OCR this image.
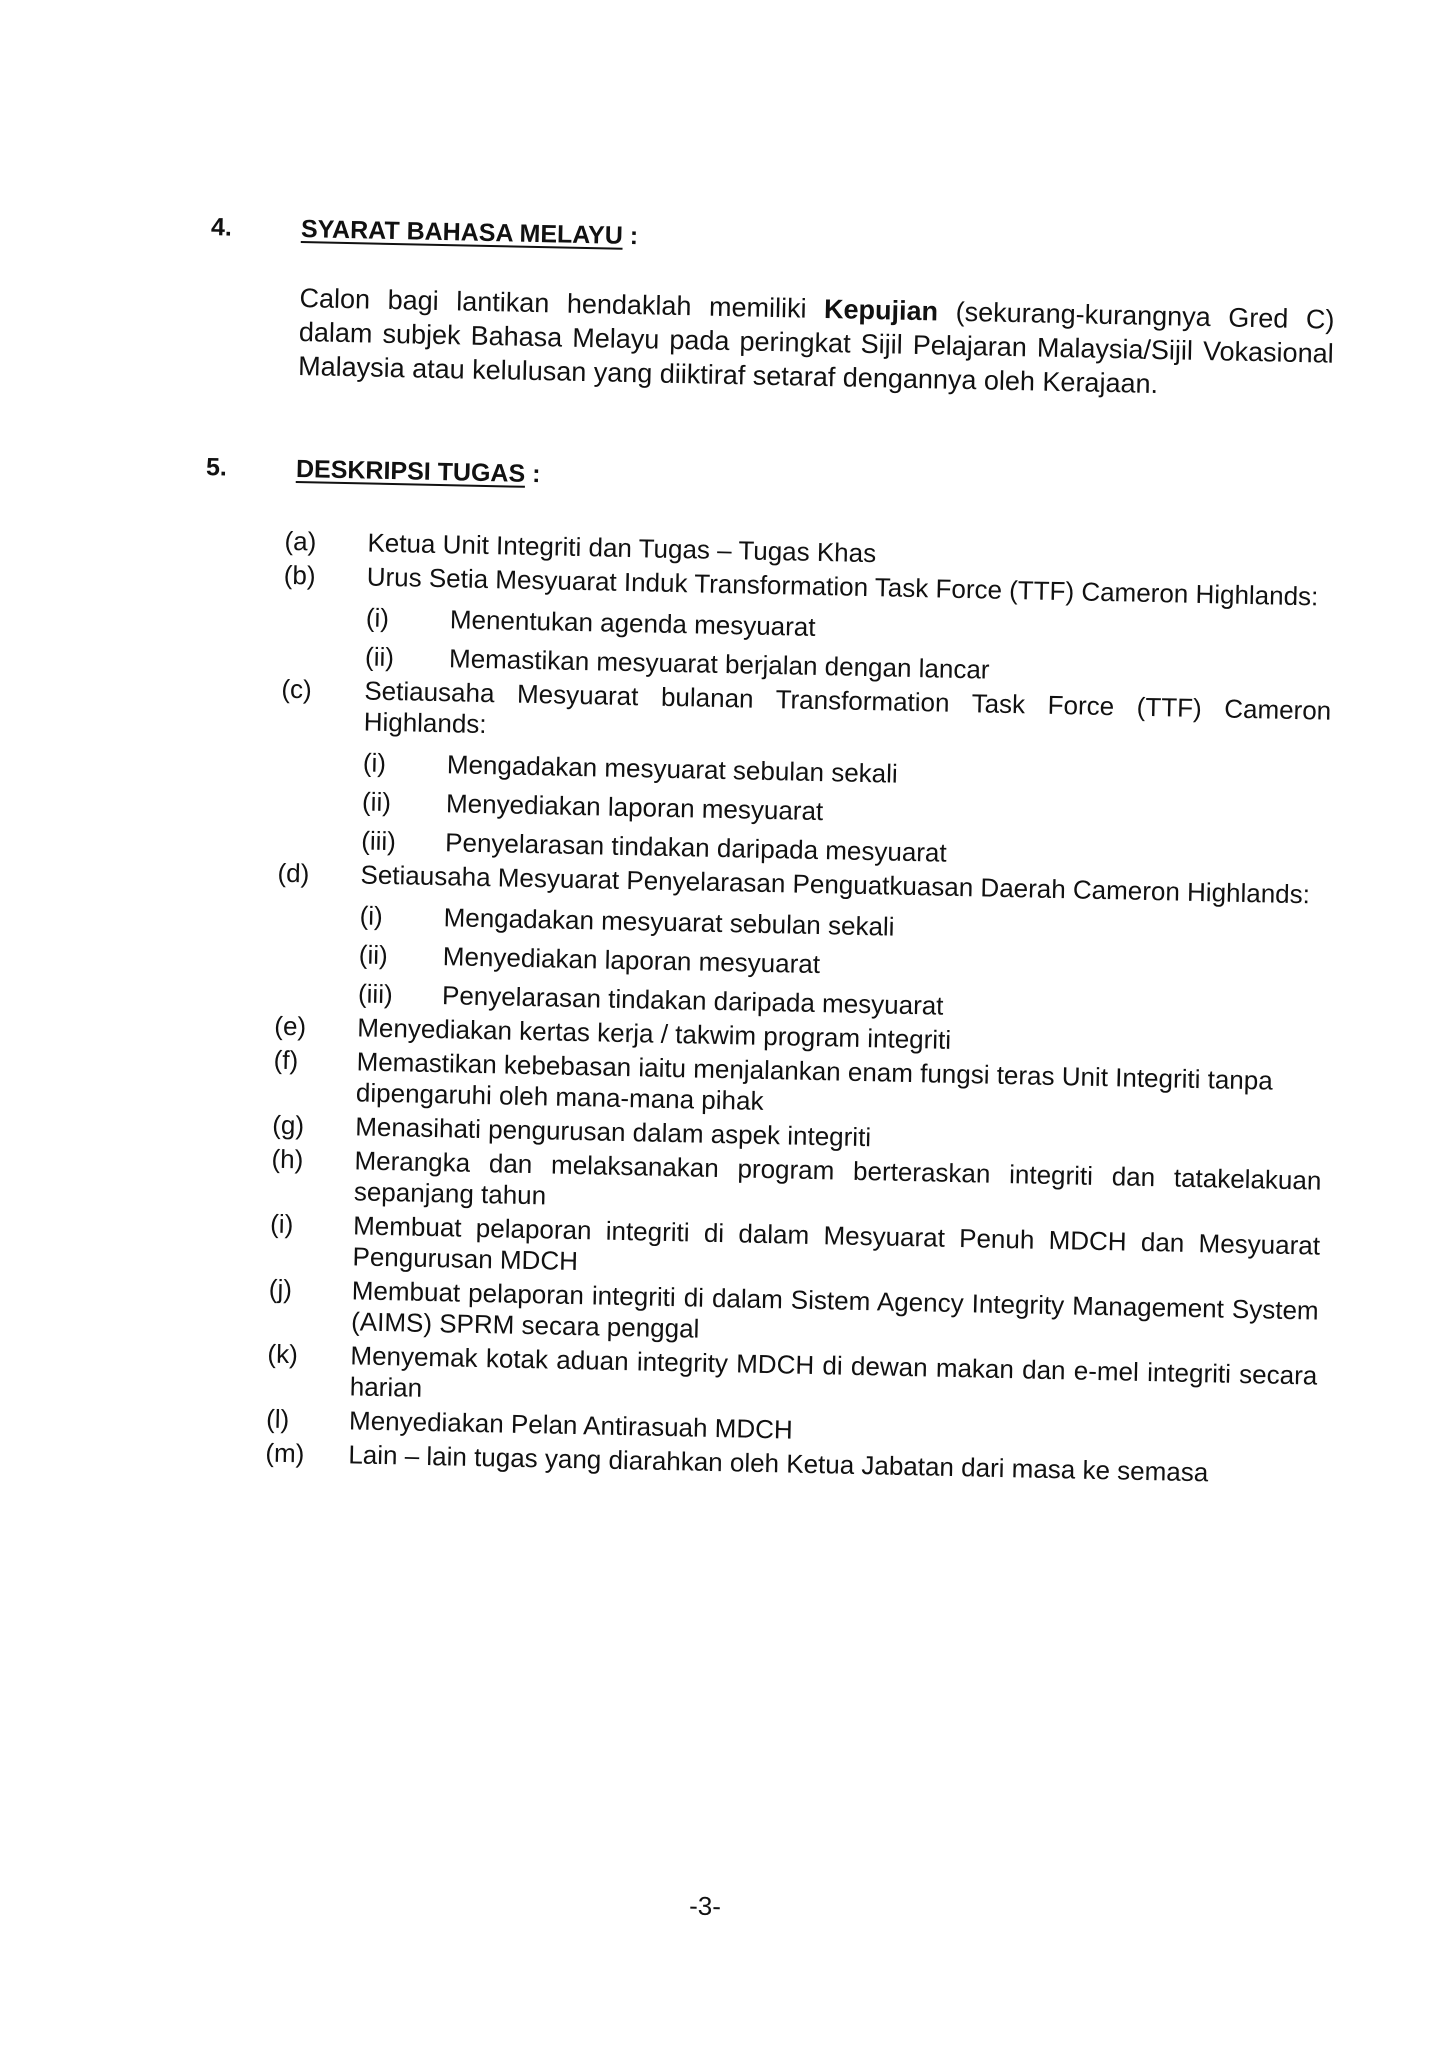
4.	SYARAT BAHASA MELAYU :

Calon bagi lantikan hendaklah memiliki Kepujian (sekurang-kurangnya Gred C) dalam subjek Bahasa Melayu pada peringkat Sijil Pelajaran Malaysia/Sijil Vokasional Malaysia atau kelulusan yang diiktiraf setaraf dengannya oleh Kerajaan.

5.	DESKRIPSI TUGAS :
(a)	Ketua Unit Integriti dan Tugas – Tugas Khas
(b)	Urus Setia Mesyuarat Induk Transformation Task Force (TTF) Cameron Highlands:
(i)	Menentukan agenda mesyuarat
(ii)	Memastikan mesyuarat berjalan dengan lancar
(c)	Setiausaha Mesyuarat bulanan Transformation Task Force (TTF) Cameron Highlands:
(i)	Mengadakan mesyuarat sebulan sekali
(ii)	Menyediakan laporan mesyuarat
(iii)	Penyelarasan tindakan daripada mesyuarat
(d)	Setiausaha Mesyuarat Penyelarasan Penguatkuasan Daerah Cameron Highlands:
(i)	Mengadakan mesyuarat sebulan sekali
(ii)	Menyediakan laporan mesyuarat
(iii)	Penyelarasan tindakan daripada mesyuarat
(e)	Menyediakan kertas kerja / takwim program integriti
(f)	Memastikan kebebasan iaitu menjalankan enam fungsi teras Unit Integriti tanpa dipengaruhi oleh mana-mana pihak
(g)	Menasihati pengurusan dalam aspek integriti
(h)	Merangka dan melaksanakan program berteraskan integriti dan tatakelakuan sepanjang tahun
(i)	Membuat pelaporan integriti di dalam Mesyuarat Penuh MDCH dan Mesyuarat Pengurusan MDCH
(j)	Membuat pelaporan integriti di dalam Sistem Agency Integrity Management System (AIMS) SPRM secara penggal
(k)	Menyemak kotak aduan integrity MDCH di dewan makan dan e-mel integriti secara harian
(l)	Menyediakan Pelan Antirasuah MDCH
(m)	Lain – lain tugas yang diarahkan oleh Ketua Jabatan dari masa ke semasa
-3-
